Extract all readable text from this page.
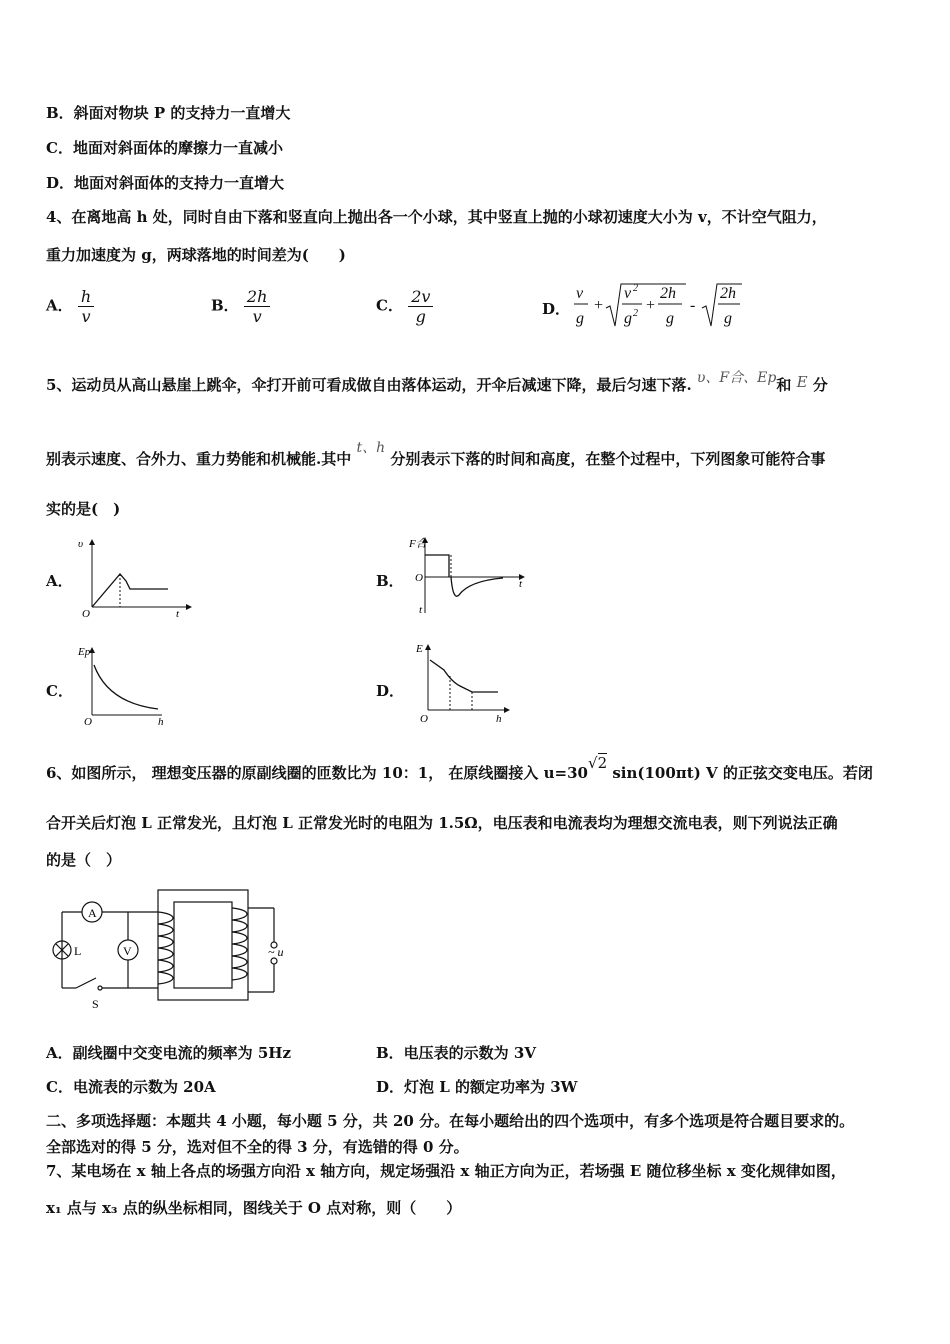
B．斜面对物块 P 的支持力一直增大
C．地面对斜面体的摩擦力一直减小
D．地面对斜面体的支持力一直增大
4、在离地高 h 处，同时自由下落和竖直向上抛出各一个小球，其中竖直上抛的小球初速度大小为 v，不计空气阻力，
重力加速度为 g，两球落地的时间差为(　　)
A． $\frac{h}{v}$	B． $\frac{2h}{v}$	C． $\frac{2v}{g}$	D．
v
g
+
v 2
g 2 +
2h
g
-
2h
g
5、运动员从高山悬崖上跳伞，伞打开前可看成做自由落体运动，开伞后减速下降，最后匀速下落. υ、F合、Ep和 E 分
别表示速度、合外力、重力势能和机械能.其中 t、h 分别表示下落的时间和高度，在整个过程中，下列图象可能符合事
实的是(　)
A．
υ
O	t
B．
F合
O	t
t
C．
Ep
O	h
D．
E
O	h
6、如图所示， 理想变压器的原副线圈的匝数比为 10：1， 在原线圈接入 u=30√2 sin(100πt) V 的正弦交变电压。若闭
合开关后灯泡 L 正常发光，且灯泡 L 正常发光时的电阻为 1.5Ω，电压表和电流表均为理想交流电表，则下列说法正确
的是（　）
A
V
L
S
~ u
A．副线圈中交变电流的频率为 5Hz	B．电压表的示数为 3V
C．电流表的示数为 20A	D．灯泡 L 的额定功率为 3W
二、多项选择题：本题共 4 小题，每小题 5 分，共 20 分。在每小题给出的四个选项中，有多个选项是符合题目要求的。
全部选对的得 5 分，选对但不全的得 3 分，有选错的得 0 分。
7、某电场在 x 轴上各点的场强方向沿 x 轴方向，规定场强沿 x 轴正方向为正，若场强 E 随位移坐标 x 变化规律如图，
x₁ 点与 x₃ 点的纵坐标相同，图线关于 O 点对称，则（　　）
